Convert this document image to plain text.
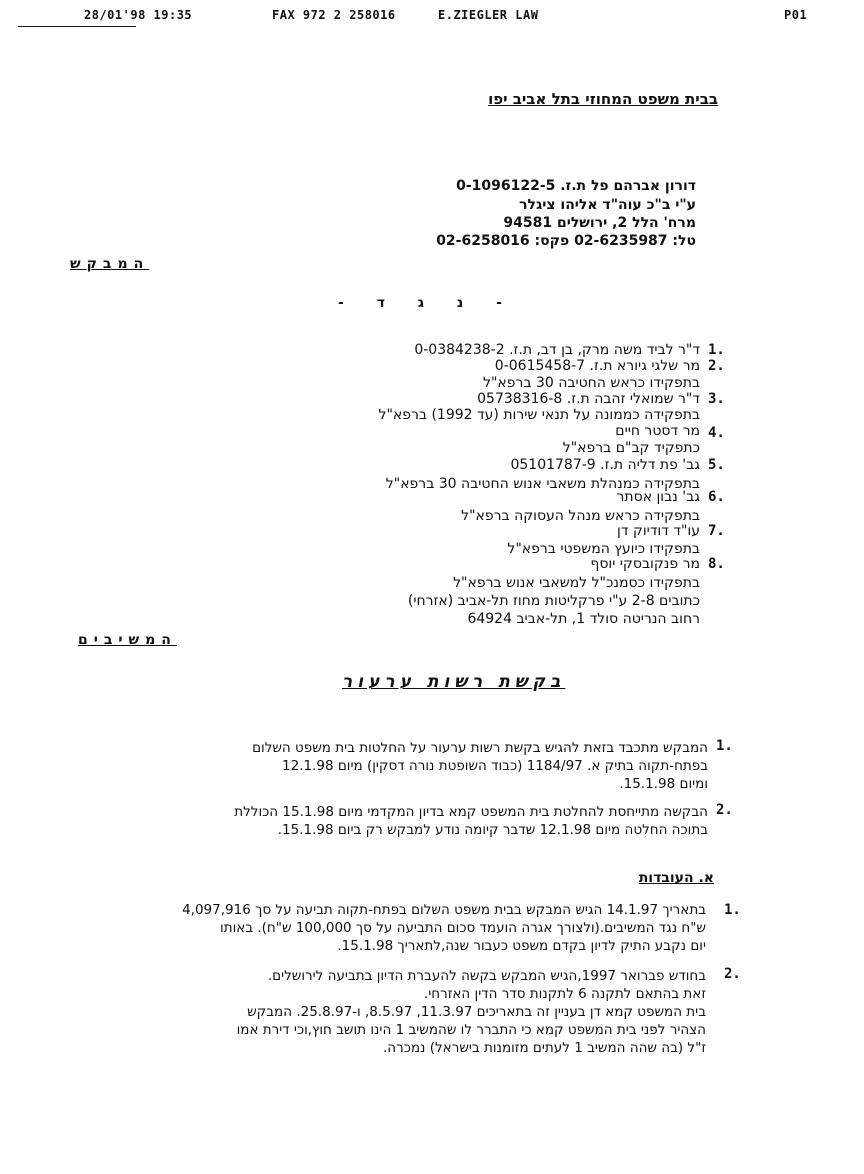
28/01'98 19:35	FAX 972 2 258016	E.ZIEGLER LAW	P01
בבית משפט המחוזי בתל אביב יפו
דורון אברהם פל ת.ז. 0-1096122-5
ע"י ב"כ עוה"ד אליהו ציגלר
מרח' הלל 2, ירושלים 94581
טל: 02-6235987 פקס: 02-6258016
המבקש
- נ ג ד -
1.
ד"ר לביד משה מרק, בן דב, ת.ז. 0-0384238-2
2.
מר שלגי גיורא ת.ז. 0-0615458-7
בתפקידו כראש החטיבה 30 ברפא"ל
3.
ד"ר שמואלי זהבה ת.ז. 05738316-8
בתפקידה כממונה על תנאי שירות (עד 1992) ברפא"ל
4.
מר דסטר חיים
כתפקיד קב"ם ברפא"ל
5.
גב' פת דליה ת.ז. 05101787-9
בתפקידה כמנהלת משאבי אנוש החטיבה 30 ברפא"ל
6.
גב' נבון אסתר
בתפקידה כראש מנהל העסוקה ברפא"ל
7.
עו"ד דודיוק דן
בתפקידו כיועץ המשפטי ברפא"ל
8.
מר פנקובסקי יוסף
בתפקידו כסמנכ"ל למשאבי אנוש ברפא"ל
כתובים 2-8 ע"י פרקליטות מחוז תל-אביב (אזרחי)
רחוב הנריטה סולד 1, תל-אביב 64924
המשיבים
בקשת רשות ערעור
1.
המבקש מתכבד בזאת להגיש בקשת רשות ערעור על החלטות בית משפט השלום
בפתח-תקוה בתיק א. 1184/97 (כבוד השופטת נורה דסקין) מיום 12.1.98
ומיום 15.1.98.
2.
הבקשה מתייחסת להחלטת בית המשפט קמא בדיון המקדמי מיום 15.1.98 הכוללת
בתוכה החלטה מיום 12.1.98 שדבר קיומה נודע למבקש רק ביום 15.1.98.
א. העובדות
1.
בתאריך 14.1.97 הגיש המבקש בבית משפט השלום בפתח-תקוה תביעה על סך 4,097,916
ש"ח נגד המשיבים.(ולצורך אגרה הועמד סכום התביעה על סך 100,000 ש"ח). באותו
יום נקבע התיק לדיון בקדם משפט כעבור שנה,לתאריך 15.1.98.
2.
בחודש פברואר 1997,הגיש המבקש בקשה להעברת הדיון בתביעה לירושלים.
זאת בהתאם לתקנה 6 לתקנות סדר הדין האזרחי.
בית המשפט קמא דן בעניין זה בתאריכים 11.3.97, 8.5.97, ו-25.8.97. המבקש
הצהיר לפני בית המשפט קמא כי התברר לו שהמשיב 1 הינו תושב חוץ,וכי דירת אמו
ז"ל (בה שהה המשיב 1 לעתים מזומנות בישראל) נמכרה.
